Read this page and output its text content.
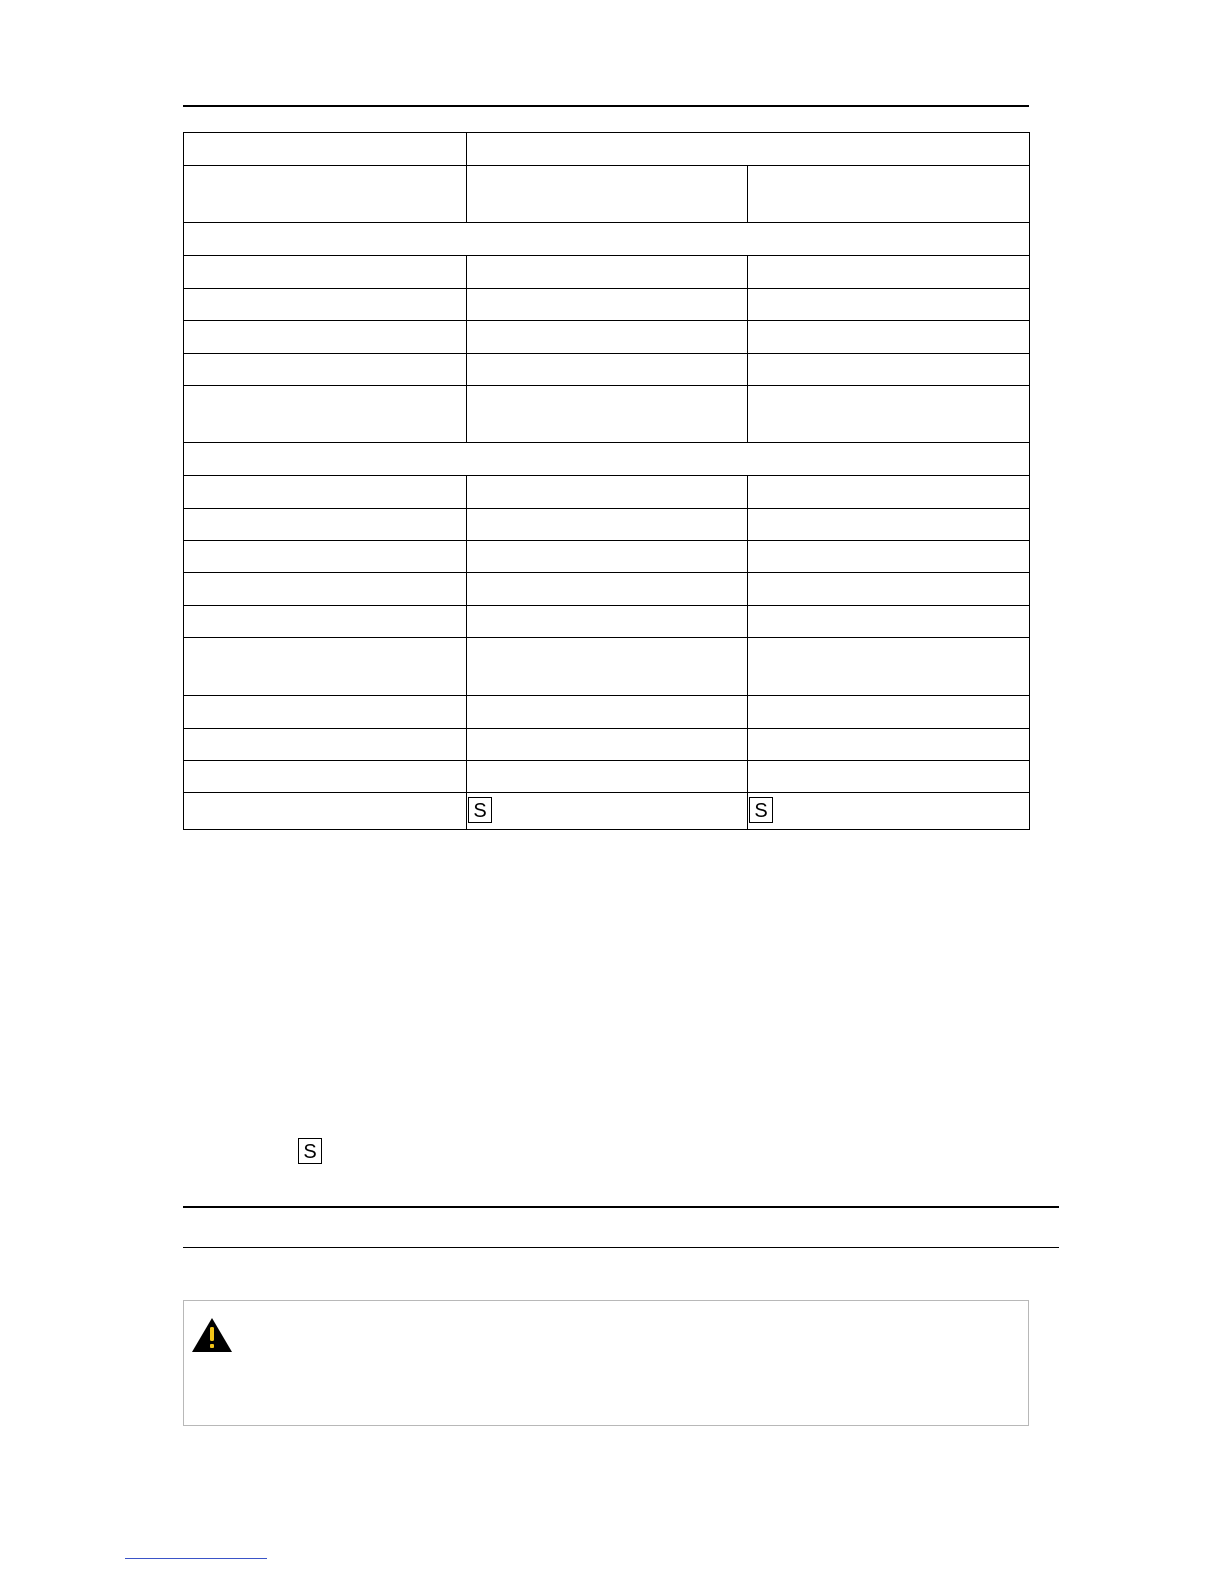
	S	S
S
